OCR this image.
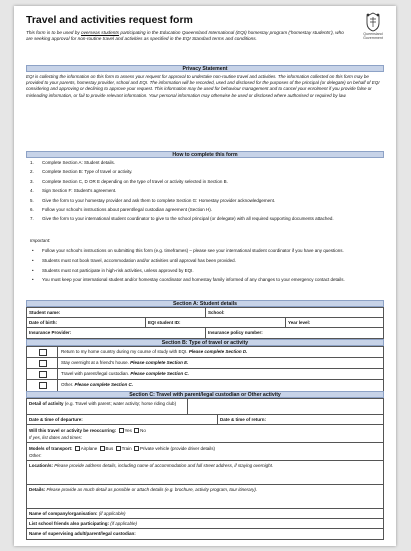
Travel and activities request form
Queensland
Government
This form is to be used by overseas students participating in the Education Queensland International (EQI) homestay program ('homestay students'), who are seeking approval for non-routine travel and activities as specified in the EQI Standard terms and conditions.
Privacy Statement
EQI is collecting the information on this form to assess your request for approval to undertake non-routine travel and activities. The information collected on this form may be provided to your parents, homestay provider, school and EQI. The information will be recorded, used and disclosed for the purposes of the principal (or delegate) on behalf of EQI considering and approving or declining to approve your request. This information may be used for behaviour management and to cancel your enrolment if you provide false or misleading information, or fail to provide relevant information. Your personal information may otherwise be used or disclosed where authorised or required by law.
How to complete this form
1. Complete Section A: Student details.
2. Complete Section B: Type of travel or activity.
3. Complete Section C, D OR E depending on the type of travel or activity selected in Section B.
4. Sign Section F: Student's agreement.
5. Give the form to your homestay provider and ask them to complete Section G: Homestay provider acknowledgement.
6. Follow your school's instructions about parent/legal custodian agreement (Section H).
7. Give the form to your international student coordinator to give to the school principal (or delegate) with all required supporting documents attached.
Important:
• Follow your school's instructions on submitting this form (e.g. timeframes) – please see your international student coordinator if you have any questions.
• Students must not book travel, accommodation and/or activities until approval has been provided.
• Students must not participate in high-risk activities, unless approved by EQI.
• You must keep your international student and/or homestay coordinator and homestay family informed of any changes to your emergency contact details.
Section A: Student details
Student name:	School:
Date of birth:	EQI student ID:	Year level:
Insurance Provider:	Insurance policy number:
Section B: Type of travel or activity
Return to my home country during my course of study with EQI. Please complete Section D.
Stay overnight at a friend's house. Please complete Section E.
Travel with parent/legal custodian. Please complete Section C.
Other. Please complete Section C.
Section C: Travel with parent/legal custodian or Other activity
Detail of activity (e.g. Travel with parent; water activity; horse riding club)
Date & time of departure:	Date & time of return:
Will this travel or activity be reoccurring: Yes No
If yes, list dates and times:
Mode/s of transport: Airplane Bus Train Private vehicle (provide driver details)
Other:
Location/s: Please provide address details, including name of accommodation and full street address, if staying overnight.
Details: Please provide as much detail as possible or attach details (e.g. brochure, activity program, tour itinerary).
Name of company/organisation: (if applicable)
List school friends also participating: (if applicable)
Name of supervising adult/parent/legal custodian:
